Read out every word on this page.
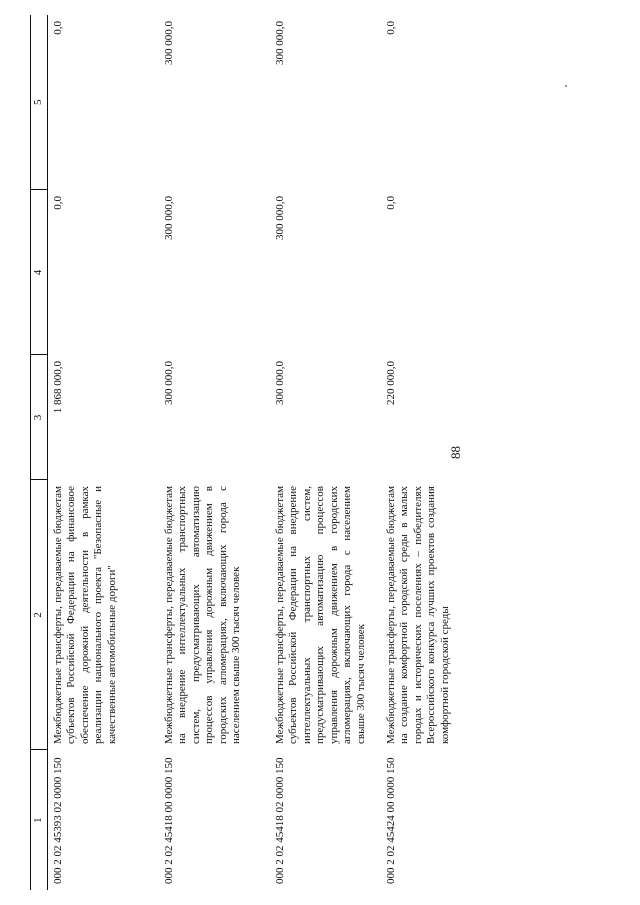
88
1	2	3	4	5
000 2 02 45393 02 0000 150	Межбюджетные трансферты, передаваемые бюджетам субъектов Российской Федерации на финансовое обеспечение дорожной деятельности в рамках реализации национального проекта "Безопасные и качественные автомобильные дороги"	1 868 000,0	0,0	0,0
000 2 02 45418 00 0000 150	Межбюджетные трансферты, передаваемые бюджетам на внедрение интеллектуальных транспортных систем, предусматривающих автоматизацию процессов управления дорожным движением в городских агломерациях, включающих города с населением свыше 300 тысяч человек	300 000,0	300 000,0	300 000,0
000 2 02 45418 02 0000 150	Межбюджетные трансферты, передаваемые бюджетам субъектов Российской Федерации на внедрение интеллектуальных транспортных систем, предусматривающих автоматизацию процессов управления дорожным движением в городских агломерациях, включающих города с населением свыше 300 тысяч человек	300 000,0	300 000,0	300 000,0
000 2 02 45424 00 0000 150	Межбюджетные трансферты, передаваемые бюджетам на создание комфортной городской среды в малых городах и исторических поселениях – победителях Всероссийского конкурса лучших проектов создания комфортной городской среды	220 000,0	0,0	0,0
